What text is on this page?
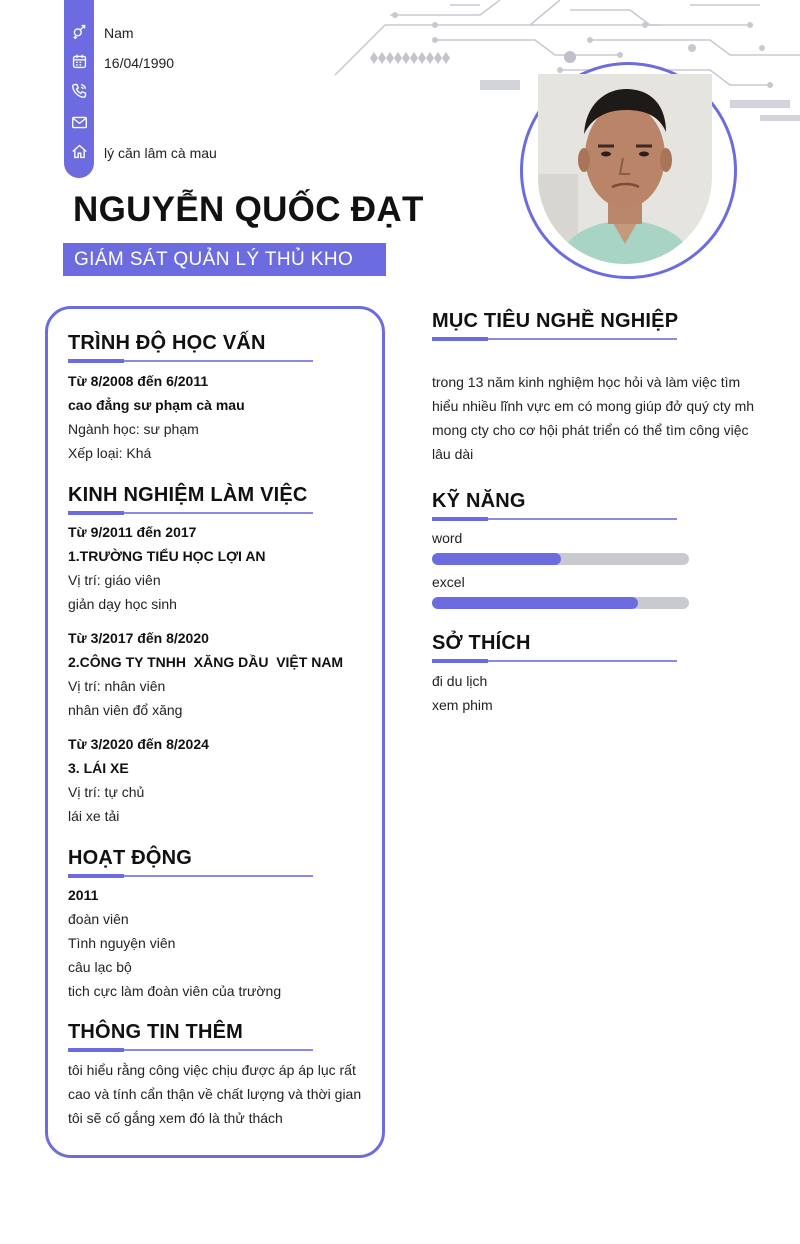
Nam
16/04/1990
lý căn lâm cà mau
NGUYỄN QUỐC ĐẠT
GIÁM SÁT QUẢN LÝ THỦ KHO
TRÌNH ĐỘ HỌC VẤN
Từ 8/2008 đến 6/2011
cao đẳng sư phạm cà mau
Ngành học: sư phạm
Xếp loại: Khá
KINH NGHIỆM LÀM VIỆC
Từ 9/2011 đến 2017
1.TRƯỜNG TIỂU HỌC LỢI AN
Vị trí: giáo viên
giản dạy học sinh
Từ 3/2017 đến 8/2020
2.CÔNG TY TNHH  XĂNG DẦU  VIỆT NAM
Vị trí: nhân viên
nhân viên đổ xăng
Từ 3/2020 đến 8/2024
3. LÁI XE
Vị trí: tự chủ
lái xe tải
HOẠT ĐỘNG
2011
đoàn viên
Tình nguyện viên
câu lạc bộ
tich cực làm đoàn viên của trường
THÔNG TIN THÊM
tôi hiểu rằng công việc chịu được áp áp lục rất
cao và tính cẩn thận về chất lượng và thời gian
tôi sẽ cố gắng xem đó là thử thách
MỤC TIÊU NGHỀ NGHIỆP
trong 13 năm kinh nghiệm học hỏi và làm việc tìm
hiểu nhiều lĩnh vực em có mong giúp đở quý cty mh
mong cty cho cơ hội phát triển có thể tìm công việc
lâu dài
KỸ NĂNG
word
excel
SỞ THÍCH
đi du lịch
xem phim
